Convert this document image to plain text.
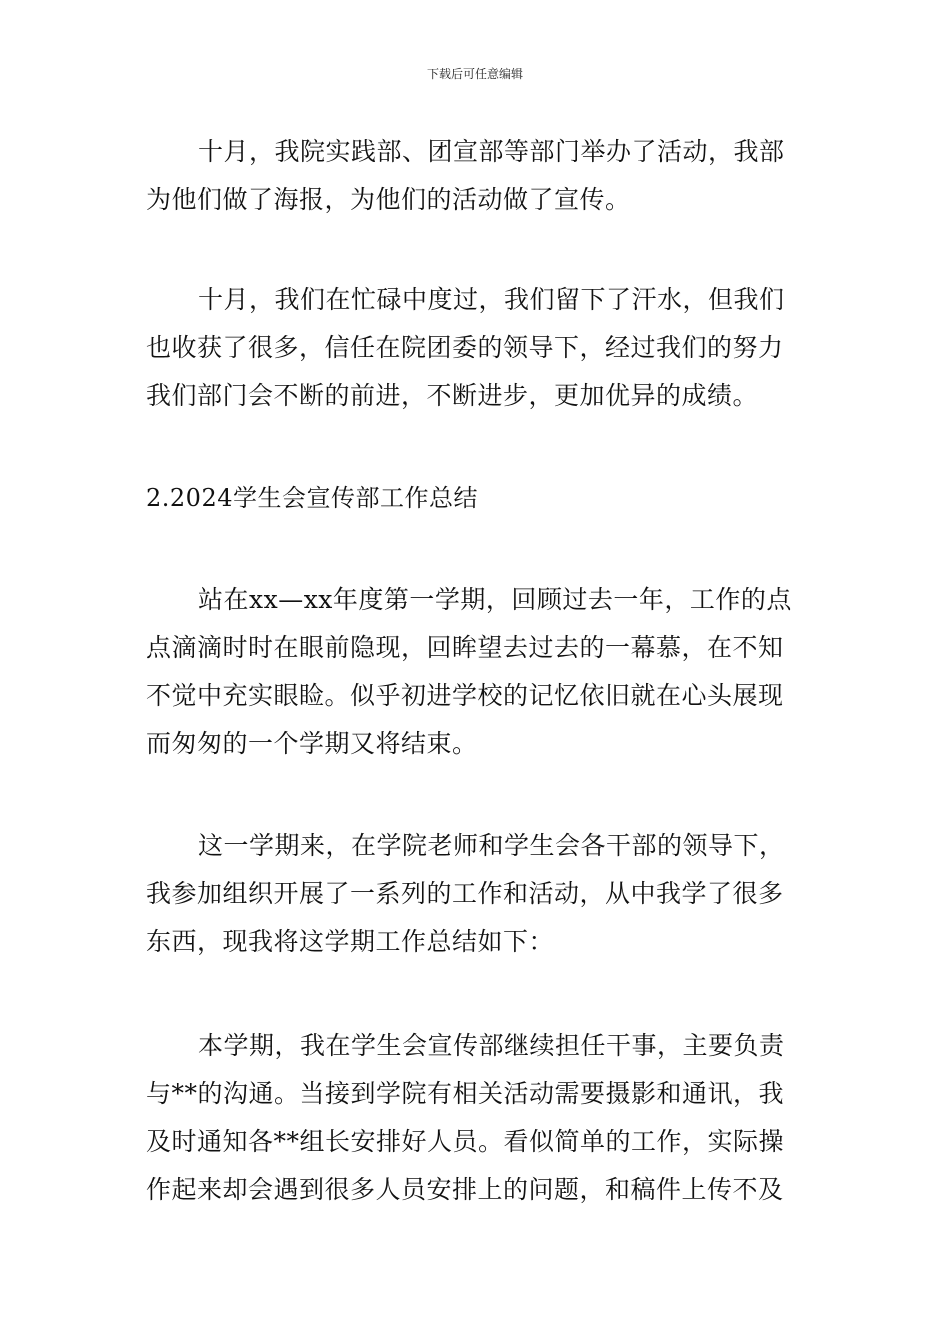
下载后可任意编辑

十月，我院实践部、团宣部等部门举办了活动，我部为他们做了海报，为他们的活动做了宣传。

十月，我们在忙碌中度过，我们留下了汗水，但我们也收获了很多，信任在院团委的领导下，经过我们的努力我们部门会不断的前进，不断进步，更加优异的成绩。

2.2024学生会宣传部工作总结

站在xx—xx年度第一学期，回顾过去一年，工作的点点滴滴时时在眼前隐现，回眸望去过去的一幕慕，在不知不觉中充实眼睑。似乎初进学校的记忆依旧就在心头展现而匆匆的一个学期又将结束。

这一学期来，在学院老师和学生会各干部的领导下，我参加组织开展了一系列的工作和活动，从中我学了很多东西，现我将这学期工作总结如下：

本学期，我在学生会宣传部继续担任干事，主要负责与**的沟通。当接到学院有相关活动需要摄影和通讯，我及时通知各**组长安排好人员。看似简单的工作，实际操作起来却会遇到很多人员安排上的问题，和稿件上传不及
